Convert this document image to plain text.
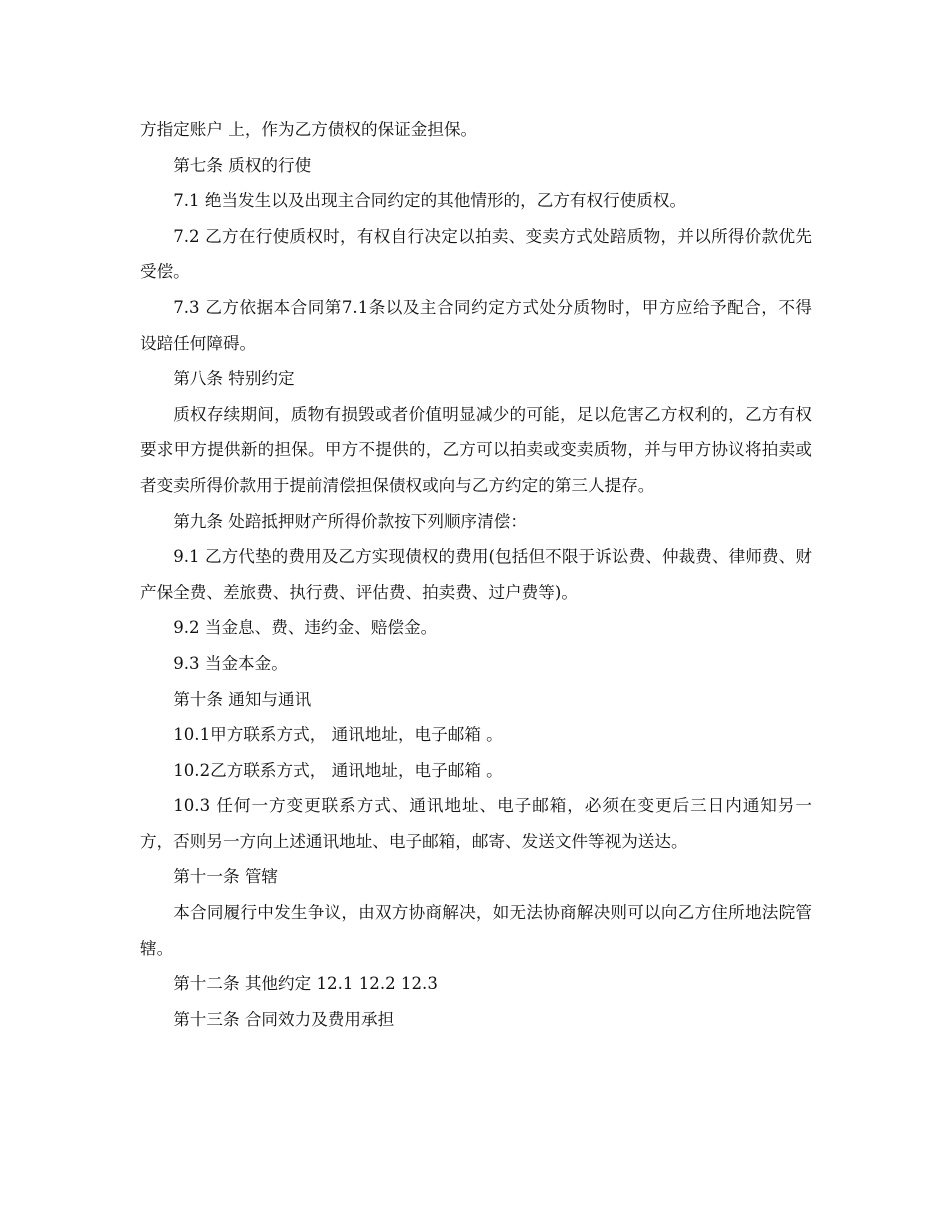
方指定账户 上，作为乙方债权的保证金担保。

第七条 质权的行使

7.1 绝当发生以及出现主合同约定的其他情形的，乙方有权行使质权。

7.2 乙方在行使质权时，有权自行决定以拍卖、变卖方式处踣质物，并以所得价款优先受偿。

7.3 乙方依据本合同第7.1条以及主合同约定方式处分质物时，甲方应给予配合，不得设踣任何障碍。

第八条 特别约定

质权存续期间，质物有损毁或者价值明显减少的可能，足以危害乙方权利的，乙方有权要求甲方提供新的担保。甲方不提供的，乙方可以拍卖或变卖质物，并与甲方协议将拍卖或者变卖所得价款用于提前清偿担保债权或向与乙方约定的第三人提存。

第九条 处踣抵押财产所得价款按下列顺序清偿：

9.1 乙方代垫的费用及乙方实现债权的费用(包括但不限于诉讼费、仲裁费、律师费、财产保全费、差旅费、执行费、评估费、拍卖费、过户费等)。

9.2 当金息、费、违约金、赔偿金。

9.3 当金本金。

第十条 通知与通讯

10.1甲方联系方式， 通讯地址，电子邮箱 。

10.2乙方联系方式， 通讯地址，电子邮箱 。

10.3 任何一方变更联系方式、通讯地址、电子邮箱，必须在变更后三日内通知另一方，否则另一方向上述通讯地址、电子邮箱，邮寄、发送文件等视为送达。

第十一条 管辖

本合同履行中发生争议，由双方协商解决，如无法协商解决则可以向乙方住所地法院管辖。

第十二条 其他约定 12.1 12.2 12.3

第十三条 合同效力及费用承担
